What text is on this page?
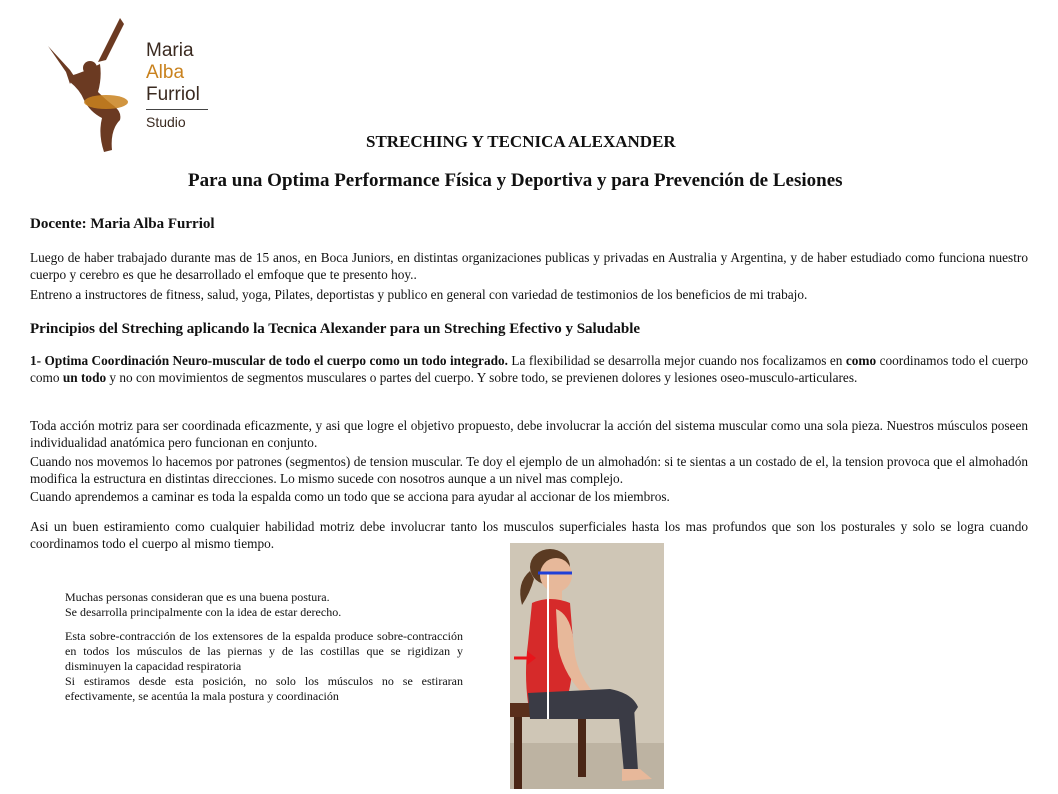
Maria
Alba
Furriol
Studio
STRECHING Y TECNICA ALEXANDER
Para una Optima Performance Física y Deportiva y para Prevención de Lesiones
Docente: Maria Alba Furriol
Luego de haber trabajado durante mas de 15 anos, en Boca Juniors, en distintas organizaciones publicas y privadas en Australia y Argentina, y de haber estudiado como funciona nuestro cuerpo y cerebro es que he desarrollado el emfoque que te presento hoy..
Entreno a instructores de fitness, salud, yoga, Pilates, deportistas y publico en general con variedad de testimonios de los beneficios de mi trabajo.
Principios del Streching aplicando la Tecnica Alexander para un Streching Efectivo y Saludable
1- Optima Coordinación Neuro-muscular de todo el cuerpo como un todo integrado. La flexibilidad se desarrolla mejor cuando nos focalizamos en como coordinamos todo el cuerpo como un todo y no con movimientos de segmentos musculares o partes del cuerpo. Y sobre todo, se previenen dolores y lesiones oseo-musculo-articulares.
Toda acción motriz para ser coordinada eficazmente, y asi que logre el objetivo propuesto, debe involucrar la acción del sistema muscular como una sola pieza. Nuestros músculos poseen individualidad anatómica pero funcionan en conjunto.
Cuando nos movemos lo hacemos por patrones (segmentos) de tension muscular. Te doy el ejemplo de un almohadón: si te sientas a un costado de el, la tension provoca que el almohadón modifica la estructura en distintas direcciones. Lo mismo sucede con nosotros aunque a un nivel mas complejo.
Cuando aprendemos a caminar es toda la espalda como un todo que se acciona para ayudar al accionar de los miembros.
Asi un buen estiramiento como cualquier habilidad motriz debe involucrar tanto los musculos superficiales hasta los mas profundos que son los posturales y solo se logra cuando coordinamos todo el cuerpo al mismo tiempo.
Muchas personas consideran que es una buena postura.
Se desarrolla principalmente con la idea de estar derecho.
Esta sobre-contracción de los extensores de la espalda produce sobre-contracción en todos los músculos de las piernas y de las costillas que se rigidizan y disminuyen la capacidad respiratoria
Si estiramos desde esta posición, no solo los músculos no se estiraran efectivamente, se acentúa la mala postura y coordinación
